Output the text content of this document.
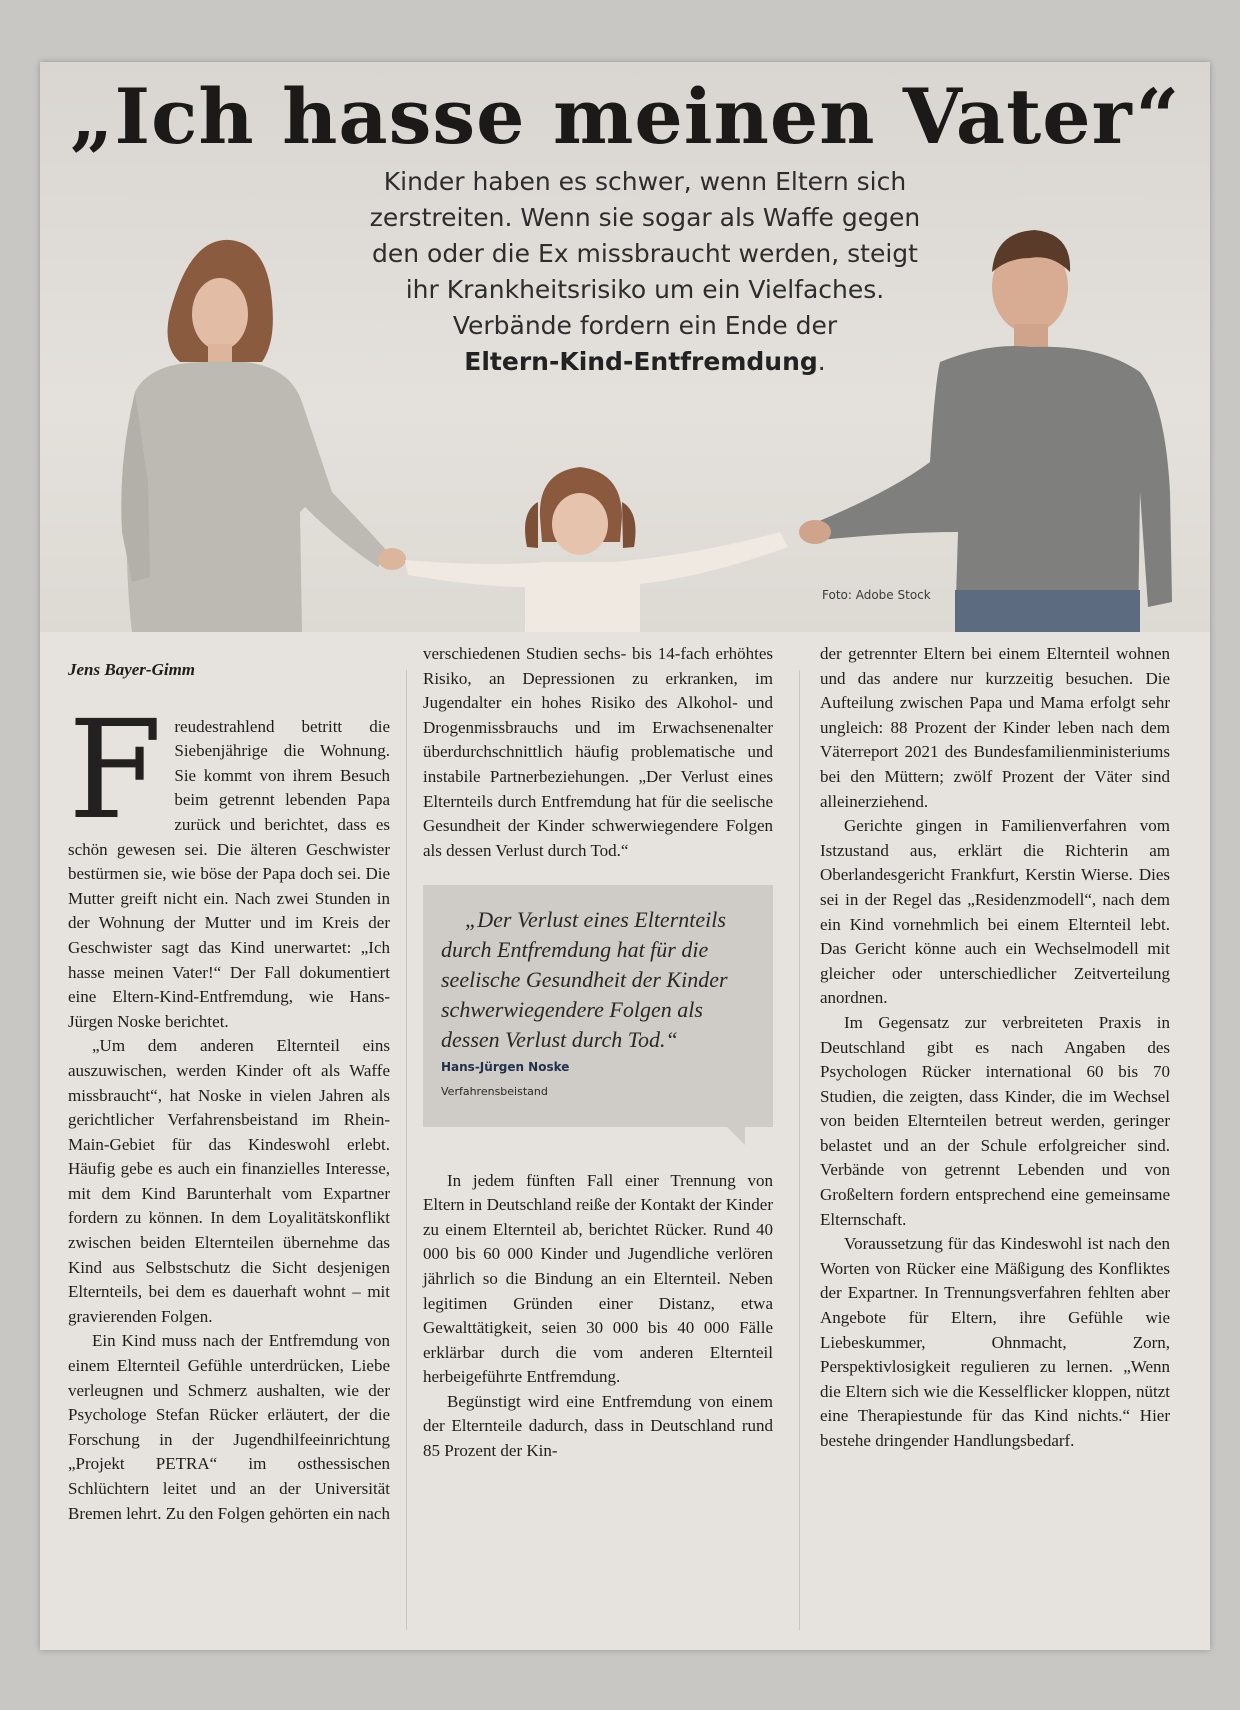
„Ich hasse meinen Vater“
Kinder haben es schwer, wenn Eltern sich
zerstreiten. Wenn sie sogar als Waffe gegen
den oder die Ex missbraucht werden, steigt
ihr Krankheitsrisiko um ein Vielfaches.
Verbände fordern ein Ende der
Eltern-Kind-Entfremdung.
Foto: Adobe Stock
Jens Bayer-Gimm

Freudestrahlend betritt die Siebenjährige die Wohnung. Sie kommt von ihrem Besuch beim getrennt lebenden Papa zurück und berichtet, dass es schön gewesen sei. Die älteren Geschwister bestürmen sie, wie böse der Papa doch sei. Die Mutter greift nicht ein. Nach zwei Stunden in der Wohnung der Mutter und im Kreis der Geschwister sagt das Kind unerwartet: „Ich hasse meinen Vater!“ Der Fall dokumentiert eine Eltern-Kind-Entfremdung, wie Hans-Jürgen Noske berichtet.

„Um dem anderen Elternteil eins auszuwischen, werden Kinder oft als Waffe missbraucht“, hat Noske in vielen Jahren als gerichtlicher Verfahrensbeistand im Rhein-Main-Gebiet für das Kindeswohl erlebt. Häufig gebe es auch ein finanzielles Interesse, mit dem Kind Barunterhalt vom Expartner fordern zu können. In dem Loyalitätskonflikt zwischen beiden Elternteilen übernehme das Kind aus Selbstschutz die Sicht desjenigen Elternteils, bei dem es dauerhaft wohnt – mit gravierenden Folgen.

Ein Kind muss nach der Entfremdung von einem Elternteil Gefühle unterdrücken, Liebe verleugnen und Schmerz aushalten, wie der Psychologe Stefan Rücker erläutert, der die Forschung in der Jugendhilfeeinrichtung „Projekt PETRA“ im osthessischen Schlüchtern leitet und an der Universität Bremen lehrt. Zu den Folgen gehörten ein nach

verschiedenen Studien sechs- bis 14-fach erhöhtes Risiko, an Depressionen zu erkranken, im Jugendalter ein hohes Risiko des Alkohol- und Drogenmissbrauchs und im Erwachsenenalter überdurchschnittlich häufig problematische und instabile Partnerbeziehungen. „Der Verlust eines Elternteils durch Entfremdung hat für die seelische Gesundheit der Kinder schwerwiegendere Folgen als dessen Verlust durch Tod.“

„Der Verlust eines Elternteils durch Entfremdung hat für die seelische Gesundheit der Kinder schwerwiegendere Folgen als dessen Verlust durch Tod.“

Hans-Jürgen Noske
Verfahrensbeistand

In jedem fünften Fall einer Trennung von Eltern in Deutschland reiße der Kontakt der Kinder zu einem Elternteil ab, berichtet Rücker. Rund 40 000 bis 60 000 Kinder und Jugendliche verlören jährlich so die Bindung an ein Elternteil. Neben legitimen Gründen einer Distanz, etwa Gewalttätigkeit, seien 30 000 bis 40 000 Fälle erklärbar durch die vom anderen Elternteil herbeigeführte Entfremdung.

Begünstigt wird eine Entfremdung von einem der Elternteile dadurch, dass in Deutschland rund 85 Prozent der Kin-

der getrennter Eltern bei einem Elternteil wohnen und das andere nur kurzzeitig besuchen. Die Aufteilung zwischen Papa und Mama erfolgt sehr ungleich: 88 Prozent der Kinder leben nach dem Väterreport 2021 des Bundesfamilienministeriums bei den Müttern; zwölf Prozent der Väter sind alleinerziehend.

Gerichte gingen in Familienverfahren vom Istzustand aus, erklärt die Richterin am Oberlandesgericht Frankfurt, Kerstin Wierse. Dies sei in der Regel das „Residenzmodell“, nach dem ein Kind vornehmlich bei einem Elternteil lebt. Das Gericht könne auch ein Wechselmodell mit gleicher oder unterschiedlicher Zeitverteilung anordnen.

Im Gegensatz zur verbreiteten Praxis in Deutschland gibt es nach Angaben des Psychologen Rücker international 60 bis 70 Studien, die zeigten, dass Kinder, die im Wechsel von beiden Elternteilen betreut werden, geringer belastet und an der Schule erfolgreicher sind. Verbände von getrennt Lebenden und von Großeltern fordern entsprechend eine gemeinsame Elternschaft.

Voraussetzung für das Kindeswohl ist nach den Worten von Rücker eine Mäßigung des Konfliktes der Expartner. In Trennungsverfahren fehlten aber Angebote für Eltern, ihre Gefühle wie Liebeskummer, Ohnmacht, Zorn, Perspektivlosigkeit regulieren zu lernen. „Wenn die Eltern sich wie die Kesselflicker kloppen, nützt eine Therapiestunde für das Kind nichts.“ Hier bestehe dringender Handlungsbedarf.
